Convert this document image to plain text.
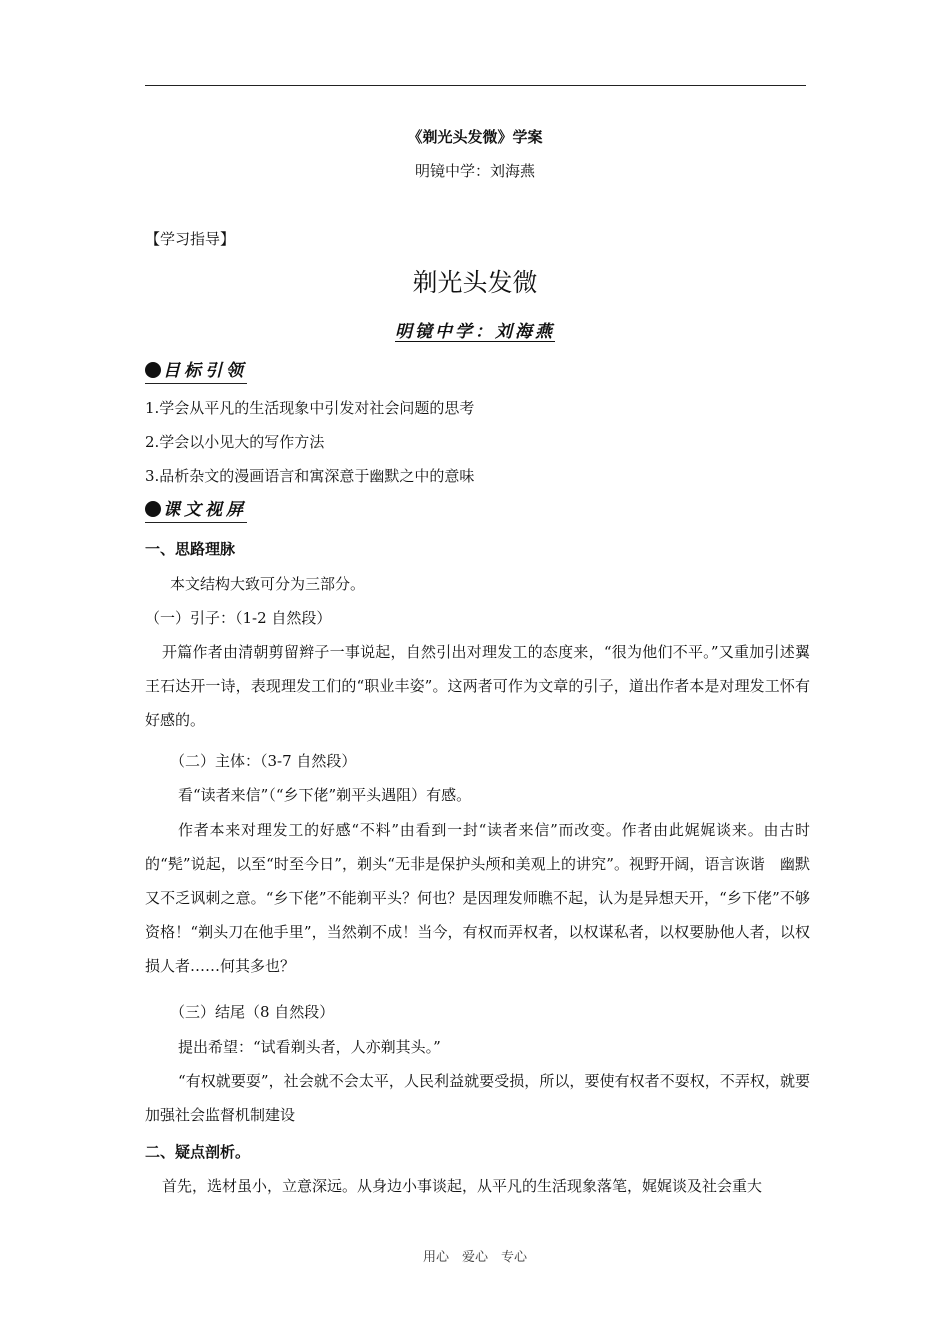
《剃光头发微》学案
明镜中学：刘海燕
【学习指导】
剃光头发微
明镜中学：刘海燕
目标引领
1.学会从平凡的生活现象中引发对社会问题的思考
2.学会以小见大的写作方法
3.品析杂文的漫画语言和寓深意于幽默之中的意味
课文视屏
一、思路理脉
本文结构大致可分为三部分。
（一）引子：（1-2 自然段）
开篇作者由清朝剪留辫子一事说起，自然引出对理发工的态度来，“很为他们不平。”又重加引述翼王石达开一诗，表现理发工们的“职业丰姿”。这两者可作为文章的引子，道出作者本是对理发工怀有好感的。
（二）主体：（3-7 自然段）
看“读者来信”（“乡下佬”剃平头遇阻）有感。
作者本来对理发工的好感“不料”由看到一封“读者来信”而改变。作者由此娓娓谈来。由古时的“髡”说起，以至“时至今日”，剃头“无非是保护头颅和美观上的讲究”。视野开阔，语言诙谐　幽默又不乏讽刺之意。“乡下佬”不能剃平头？何也？是因理发师瞧不起，认为是异想天开，“乡下佬”不够资格！“剃头刀在他手里”，当然剃不成！当今，有权而弄权者，以权谋私者，以权要胁他人者，以权损人者……何其多也？
（三）结尾（8 自然段）
提出希望：“试看剃头者，人亦剃其头。”
“有权就要耍”，社会就不会太平，人民利益就要受损，所以，要使有权者不耍权，不弄权，就要加强社会监督机制建设
二、疑点剖析。
首先，选材虽小，立意深远。从身边小事谈起，从平凡的生活现象落笔，娓娓谈及社会重大
用心　爱心　专心
